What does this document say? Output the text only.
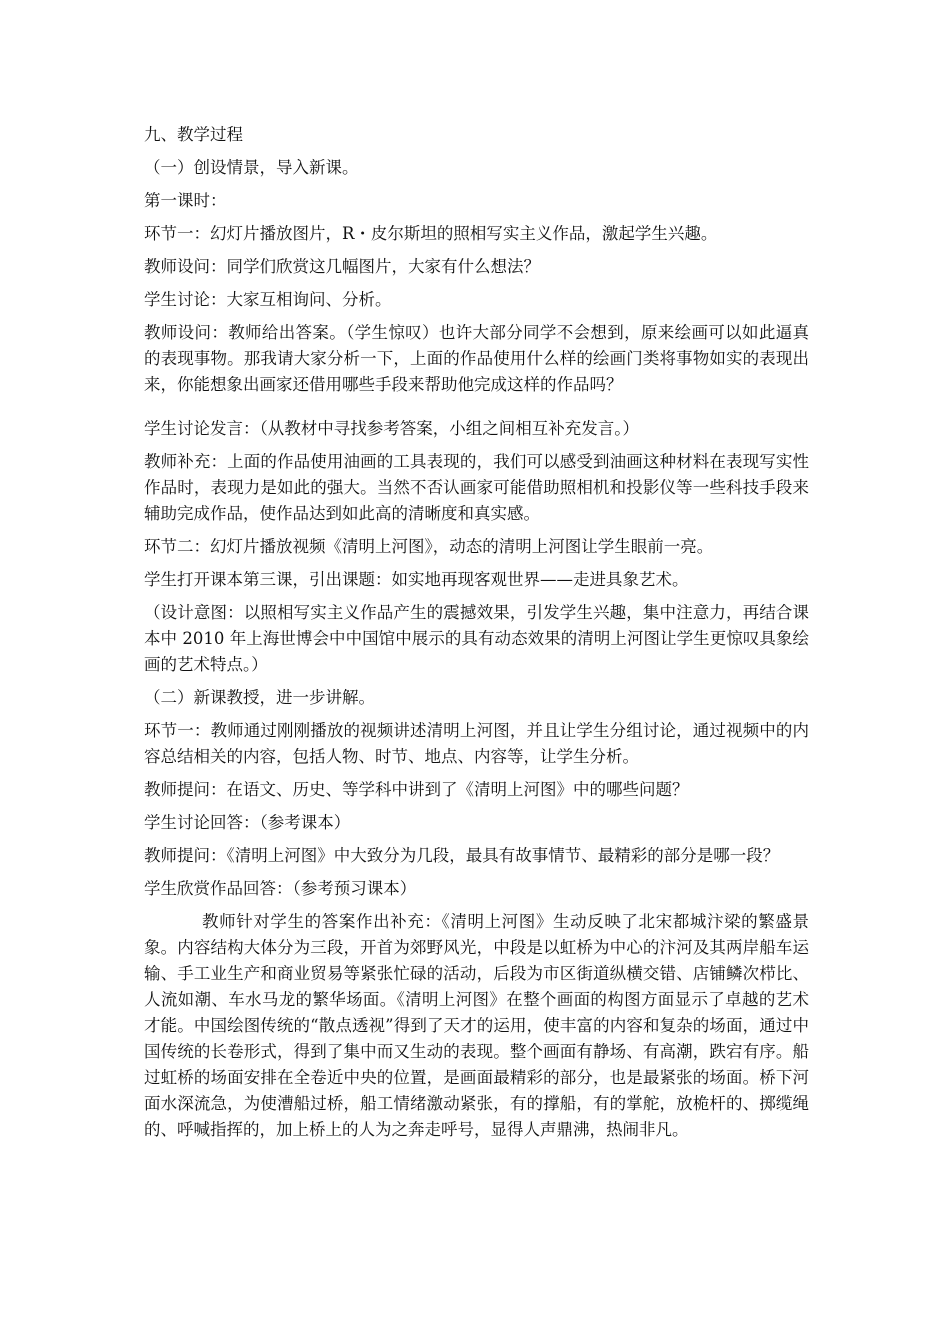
九、教学过程

（一）创设情景，导入新课。

第一课时：

环节一：幻灯片播放图片，R・皮尔斯坦的照相写实主义作品，激起学生兴趣。

教师设问：同学们欣赏这几幅图片，大家有什么想法？

学生讨论：大家互相询问、分析。

教师设问：教师给出答案。（学生惊叹）也许大部分同学不会想到，原来绘画可以如此逼真的表现事物。那我请大家分析一下，上面的作品使用什么样的绘画门类将事物如实的表现出来，你能想象出画家还借用哪些手段来帮助他完成这样的作品吗？

学生讨论发言：（从教材中寻找参考答案，小组之间相互补充发言。）

教师补充：上面的作品使用油画的工具表现的，我们可以感受到油画这种材料在表现写实性作品时，表现力是如此的强大。当然不否认画家可能借助照相机和投影仪等一些科技手段来辅助完成作品，使作品达到如此高的清晰度和真实感。

环节二：幻灯片播放视频《清明上河图》，动态的清明上河图让学生眼前一亮。

学生打开课本第三课，引出课题：如实地再现客观世界——走进具象艺术。

（设计意图：以照相写实主义作品产生的震撼效果，引发学生兴趣，集中注意力，再结合课本中 2010 年上海世博会中中国馆中展示的具有动态效果的清明上河图让学生更惊叹具象绘画的艺术特点。）

（二）新课教授，进一步讲解。

环节一：教师通过刚刚播放的视频讲述清明上河图，并且让学生分组讨论，通过视频中的内容总结相关的内容，包括人物、时节、地点、内容等，让学生分析。

教师提问：在语文、历史、等学科中讲到了《清明上河图》中的哪些问题？

学生讨论回答：（参考课本）

教师提问：《清明上河图》中大致分为几段，最具有故事情节、最精彩的部分是哪一段？

学生欣赏作品回答：（参考预习课本）

教师针对学生的答案作出补充：《清明上河图》生动反映了北宋都城汴梁的繁盛景象。内容结构大体分为三段，开首为郊野风光，中段是以虹桥为中心的汴河及其两岸船车运输、手工业生产和商业贸易等紧张忙碌的活动，后段为市区街道纵横交错、店铺鳞次栉比、人流如潮、车水马龙的繁华场面。《清明上河图》在整个画面的构图方面显示了卓越的艺术才能。中国绘图传统的“散点透视”得到了天才的运用，使丰富的内容和复杂的场面，通过中国传统的长卷形式，得到了集中而又生动的表现。整个画面有静场、有高潮，跌宕有序。船过虹桥的场面安排在全卷近中央的位置，是画面最精彩的部分，也是最紧张的场面。桥下河面水深流急，为使漕船过桥，船工情绪激动紧张，有的撑船，有的掌舵，放桅杆的、掷缆绳的、呼喊指挥的，加上桥上的人为之奔走呼号，显得人声鼎沸，热闹非凡。
